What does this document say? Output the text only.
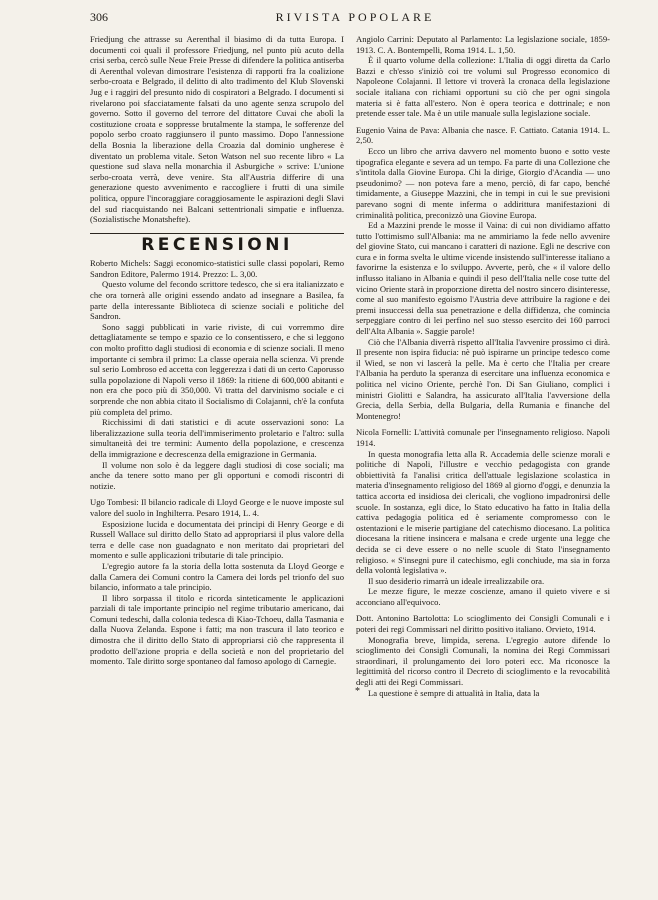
306	RIVISTA POPOLARE

Friedjung che attrasse su Aerenthal il biasimo di da tutta Europa. I documenti coi quali il professore Friedjung, nel punto più acuto della crisi serba, cercò sulle Neue Freie Presse di difendere la politica antiserba di Aerenthal volevan dimostrare l'esistenza di rapporti fra la coalizione serbo-croata e Belgrado, il delitto di alto tradimento del Klub Slovenski Jug e i raggiri del presunto nido di cospiratori a Belgrado. I documenti si rivelarono poi sfacciatamente falsati da uno agente senza scrupolo del governo. Sotto il governo del terrore del dittatore Cuvai che abolì la costituzione croata e soppresse brutalmente la stampa, le sofferenze del popolo serbo croato raggiunsero il punto massimo. Dopo l'annessione della Bosnia la liberazione della Croazia dal dominio ungherese è diventato un problema vitale. Seton Watson nel suo recente libro « La questione sud slava nella monarchia il Asburgiche » scrive: L'unione serbo-croata verrà, deve venire. Sta all'Austria differire di una generazione questo avvenimento e raccogliere i frutti di una simile politica, oppure l'incoraggiare coraggiosamente le aspirazioni degli Slavi del sud riacquistando nei Balcani settentrionali simpatie e influenza. (Sozialistische Monatshefte).

RECENSIONI

Roberto Michels: Saggi economico-statistici sulle classi popolari, Remo Sandron Editore, Palermo 1914. Prezzo: L. 3,00.

Questo volume del fecondo scrittore tedesco, che si era italianizzato e che ora tornerà alle origini essendo andato ad insegnare a Basilea, fa parte della interessante Biblioteca di scienze sociali e politiche del Sandron.

Sono saggi pubblicati in varie riviste, di cui vorremmo dire dettagliatamente se tempo e spazio ce lo consentissero, e che si leggono con molto profitto dagli studiosi di economia e di scienze sociali. Il meno importante ci sembra il primo: La classe operaia nella scienza. Vi prende sul serio Lombroso ed accetta con leggerezza i dati di un certo Caporusso sulla popolazione di Napoli verso il 1869: la ritiene di 600,000 abitanti e non era che poco più di 350,000. Vi tratta del darvinismo sociale e ci sorprende che non abbia citato il Socialismo di Colajanni, ch'è la confuta più completa del primo.

Ricchissimi di dati statistici e di acute osservazioni sono: La liberalizzazione sulla teoria dell'immiserimento proletario e l'altro: sulla simultaneità dei tre termini: Aumento della popolazione, e crescenza della immigrazione e decrescenza della emigrazione in Germania.

Il volume non solo è da leggere dagli studiosi di cose sociali; ma anche da tenere sotto mano per gli opportuni e comodi riscontri di notizie.

Ugo Tombesi: Il bilancio radicale di Lloyd George e le nuove imposte sul valore del suolo in Inghilterra. Pesaro 1914, L. 4.

Esposizione lucida e documentata dei principi di Henry George e di Russell Wallace sul diritto dello Stato ad appropriarsi il plus valore della terra e delle case non guadagnato e non meritato dai proprietari del momento e sulle applicazioni tributarie di tale principio.

L'egregio autore fa la storia della lotta sostenuta da Lloyd George e dalla Camera dei Comuni contro la Camera dei lords pel trionfo del suo bilancio, informato a tale principio.

Il libro sorpassa il titolo e ricorda sinteticamente le applicazioni parziali di tale importante principio nel regime tributario americano, dai Comuni tedeschi, dalla colonia tedesca di Kiao-Tchoeu, dalla Tasmania e dalla Nuova Zelanda. Espone i fatti; ma non trascura il lato teorico e dimostra che il diritto dello Stato di appropriarsi ciò che rappresenta il prodotto dell'azione propria e della società e non del proprietario del momento. Tale diritto sorge spontaneo dal famoso apologo di Carnegie.

Angiolo Carrini: Deputato al Parlamento: La legislazione sociale, 1859-1913. C. A. Bontempelli, Roma 1914. L. 1,50.

È il quarto volume della collezione: L'Italia di oggi diretta da Carlo Bazzi e ch'esso s'iniziò coi tre volumi sul Progresso economico di Napoleone Colajanni. Il lettore vi troverà la cronaca della legislazione sociale italiana con richiami opportuni su ciò che per ogni singola materia si è fatta all'estero. Non è opera teorica e dottrinale; e non pretende esser tale. Ma è un utile manuale sulla legislazione sociale.

Eugenio Vaina de Pava: Albania che nasce. F. Cattiato. Catania 1914. L. 2,50.

Ecco un libro che arriva davvero nel momento buono e sotto veste tipografica elegante e severa ad un tempo. Fa parte di una Collezione che s'intitola dalla Giovine Europa. Chi la dirige, Giorgio d'Acandia — uno pseudonimo? — non poteva fare a meno, perciò, di far capo, benché timidamente, a Giuseppe Mazzini, che in tempi in cui le sue previsioni parevano sogni di mente inferma o addirittura manifestazioni di criminalità politica, preconizzò una Giovine Europa.

Ed a Mazzini prende le mosse il Vaina: di cui non dividiamo affatto tutto l'ottimismo sull'Albania: ma ne ammiriamo la fede nello avvenire del giovine Stato, cui mancano i caratteri di nazione. Egli ne descrive con cura e in forma svelta le ultime vicende insistendo sull'interesse italiano a favorirne la esistenza e lo sviluppo. Avverte, però, che « il valore dello influsso italiano in Albania e quindi il peso dell'Italia nelle cose tutte del vicino Oriente starà in proporzione diretta del nostro sincero disinteresse, come al suo manifesto egoismo l'Austria deve attribuire la ragione e dei premi insuccessi della sua penetrazione e della diffidenza, che comincia serpeggiare contro di lei perfino nel suo stesso esercito dei 160 parroci dell'Alta Albania ». Saggie parole!

Ciò che l'Albania diverrà rispetto all'Italia l'avvenire prossimo ci dirà. Il presente non ispira fiducia: nè può ispirarne un principe tedesco come il Wied, se non vi lascerà la pelle. Ma è certo che l'Italia per creare l'Albania ha perduto la speranza di esercitare una influenza economica e politica nel vicino Oriente, perchè l'on. Di San Giuliano, complici i ministri Giolitti e Salandra, ha assicurato all'Italia l'avversione della Grecia, della Serbia, della Bulgaria, della Rumania e finanche del Montenegro!

Nicola Fornelli: L'attività comunale per l'insegnamento religioso. Napoli 1914.

In questa monografia letta alla R. Accademia delle scienze morali e politiche di Napoli, l'illustre e vecchio pedagogista con grande obbiettività fa l'analisi critica dell'attuale legislazione scolastica in materia d'insegnamento religioso del 1869 al giorno d'oggi, e denunzia la tattica accorta ed insidiosa dei clericali, che vogliono impadronirsi delle scuole. In sostanza, egli dice, lo Stato educativo ha fatto in Italia della cattiva pedagogia politica ed è seriamente compromesso con le ostentazioni e le miserie partigiane del catechismo diocesano. La politica diocesana la ritiene insincera e malsana e crede urgente una legge che decida se ci deve essere o no nelle scuole di Stato l'insegnamento religioso. « S'insegni pure il catechismo, egli conchiude, ma sia in forza della volontà legislativa ».

Il suo desiderio rimarrà un ideale irrealizzabile ora.

Le mezze figure, le mezze coscienze, amano il quieto vivere e si acconciano all'equivoco.

Dott. Antonino Bartolotta: Lo scioglimento dei Consigli Comunali e i poteri dei regi Commissari nel diritto positivo italiano. Orvieto, 1914.

Monografia breve, limpida, serena. L'egregio autore difende lo scioglimento dei Consigli Comunali, la nomina dei Regi Commissari straordinari, il prolungamento dei loro poteri ecc. Ma riconosce la legittimità del ricorso contro il Decreto di scioglimento e la revocabilità degli atti dei Regi Commissari.

La questione è sempre di attualità in Italia, data la

*
